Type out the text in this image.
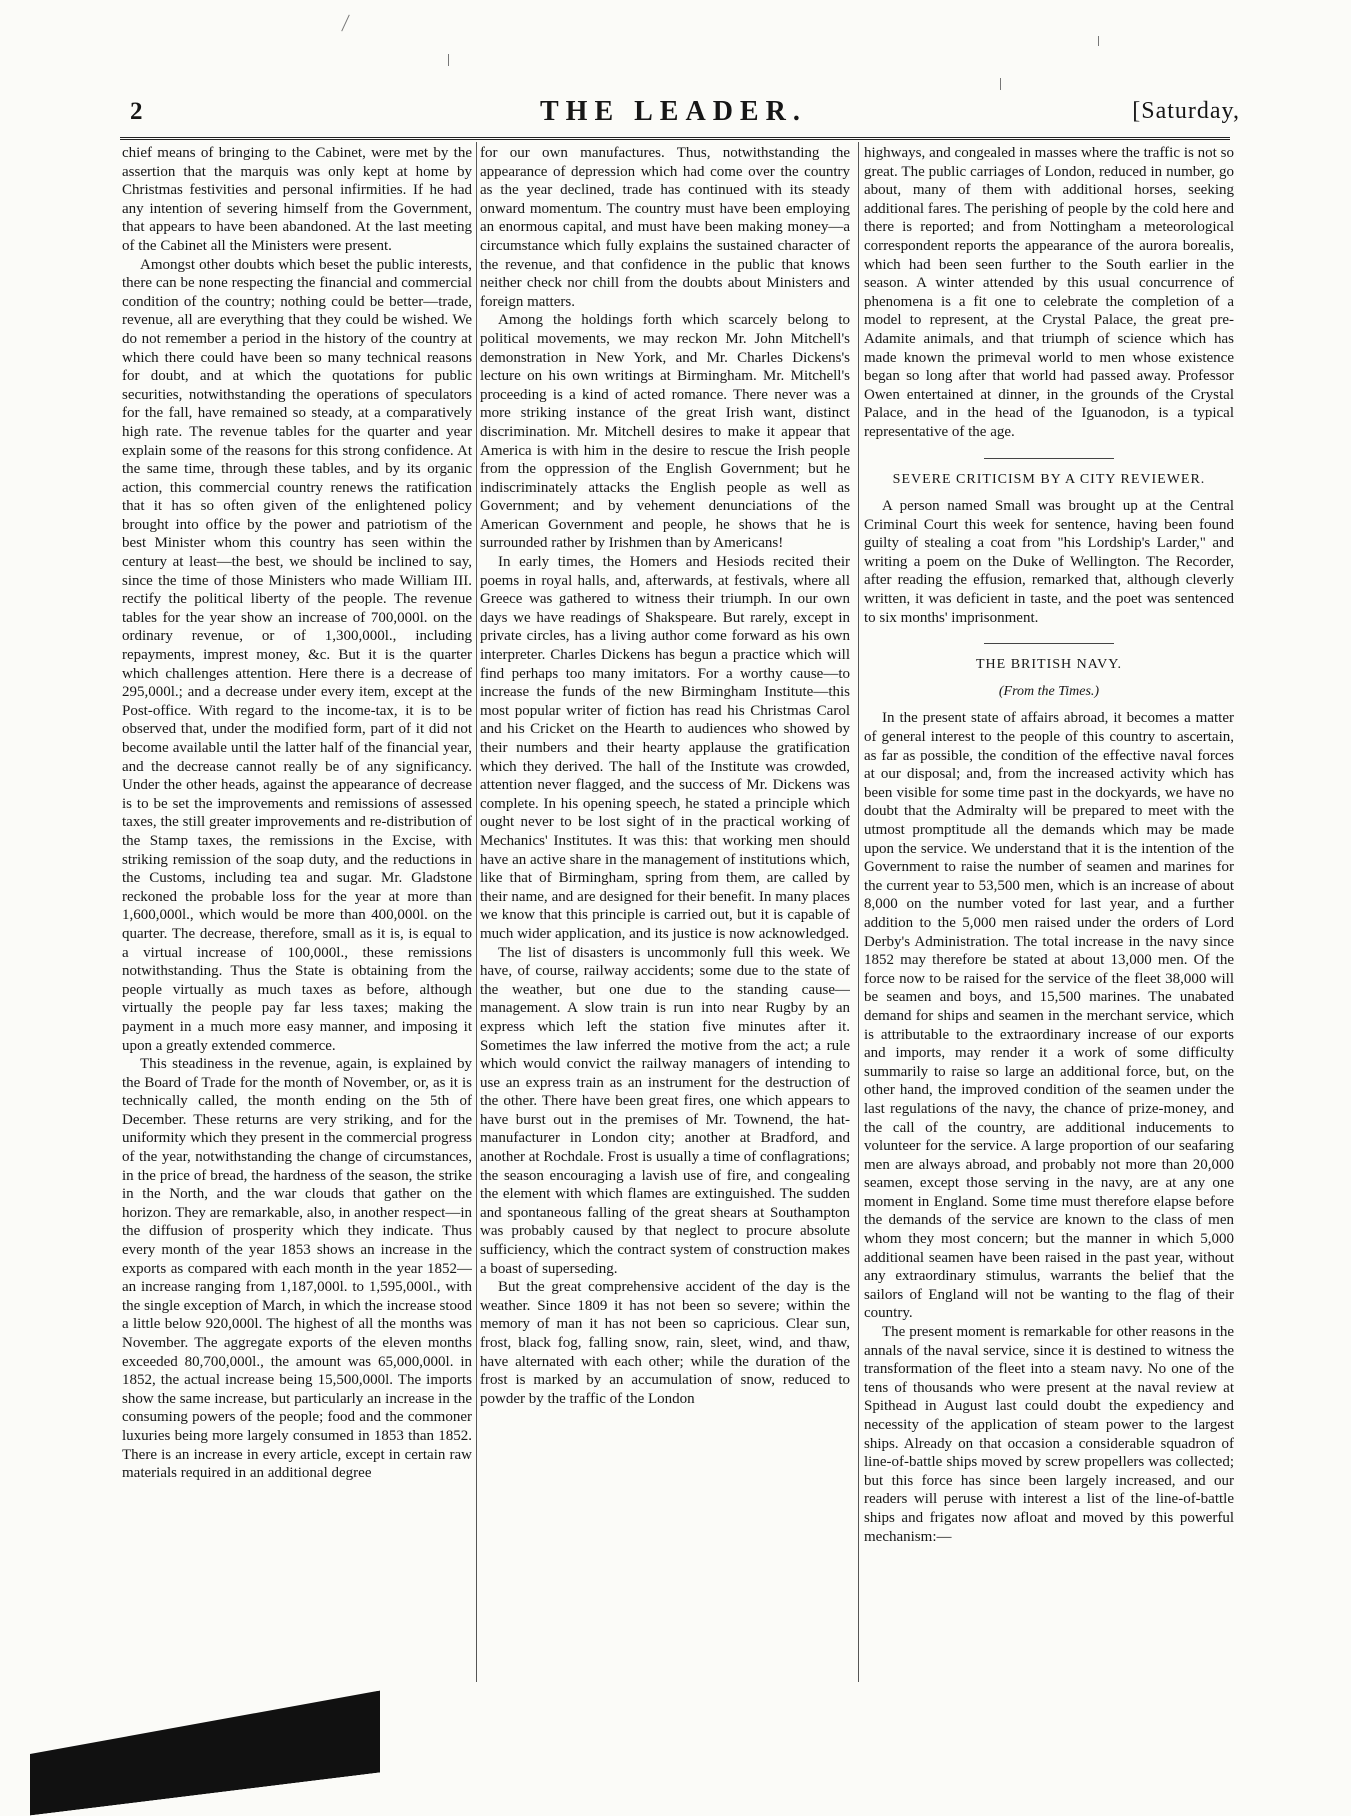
2	THE LEADER.	[Saturday,

chief means of bringing to the Cabinet, were met by the assertion that the marquis was only kept at home by Christmas festivities and personal infirmities. If he had any intention of severing himself from the Government, that appears to have been abandoned. At the last meeting of the Cabinet all the Ministers were present.

Amongst other doubts which beset the public interests, there can be none respecting the financial and commercial condition of the country; nothing could be better—trade, revenue, all are everything that they could be wished. We do not remember a period in the history of the country at which there could have been so many technical reasons for doubt, and at which the quotations for public securities, notwithstanding the operations of speculators for the fall, have remained so steady, at a comparatively high rate. The revenue tables for the quarter and year explain some of the reasons for this strong confidence. At the same time, through these tables, and by its organic action, this commercial country renews the ratification that it has so often given of the enlightened policy brought into office by the power and patriotism of the best Minister whom this country has seen within the century at least—the best, we should be inclined to say, since the time of those Ministers who made William III. rectify the political liberty of the people. The revenue tables for the year show an increase of 700,000l. on the ordinary revenue, or of 1,300,000l., including repayments, imprest money, &c. But it is the quarter which challenges attention. Here there is a decrease of 295,000l.; and a decrease under every item, except at the Post-office. With regard to the income-tax, it is to be observed that, under the modified form, part of it did not become available until the latter half of the financial year, and the decrease cannot really be of any significancy. Under the other heads, against the appearance of decrease is to be set the improvements and remissions of assessed taxes, the still greater improvements and re-distribution of the Stamp taxes, the remissions in the Excise, with striking remission of the soap duty, and the reductions in the Customs, including tea and sugar. Mr. Gladstone reckoned the probable loss for the year at more than 1,600,000l., which would be more than 400,000l. on the quarter. The decrease, therefore, small as it is, is equal to a virtual increase of 100,000l., these remissions notwithstanding. Thus the State is obtaining from the people virtually as much taxes as before, although virtually the people pay far less taxes; making the payment in a much more easy manner, and imposing it upon a greatly extended commerce.

This steadiness in the revenue, again, is explained by the Board of Trade for the month of November, or, as it is technically called, the month ending on the 5th of December. These returns are very striking, and for the uniformity which they present in the commercial progress of the year, notwithstanding the change of circumstances, in the price of bread, the hardness of the season, the strike in the North, and the war clouds that gather on the horizon. They are remarkable, also, in another respect—in the diffusion of prosperity which they indicate. Thus every month of the year 1853 shows an increase in the exports as compared with each month in the year 1852—an increase ranging from 1,187,000l. to 1,595,000l., with the single exception of March, in which the increase stood a little below 920,000l. The highest of all the months was November. The aggregate exports of the eleven months exceeded 80,700,000l., the amount was 65,000,000l. in 1852, the actual increase being 15,500,000l. The imports show the same increase, but particularly an increase in the consuming powers of the people; food and the commoner luxuries being more largely consumed in 1853 than 1852. There is an increase in every article, except in certain raw materials required in an additional degree

for our own manufactures. Thus, notwithstanding the appearance of depression which had come over the country as the year declined, trade has continued with its steady onward momentum. The country must have been employing an enormous capital, and must have been making money—a circumstance which fully explains the sustained character of the revenue, and that confidence in the public that knows neither check nor chill from the doubts about Ministers and foreign matters.

Among the holdings forth which scarcely belong to political movements, we may reckon Mr. John Mitchell's demonstration in New York, and Mr. Charles Dickens's lecture on his own writings at Birmingham. Mr. Mitchell's proceeding is a kind of acted romance. There never was a more striking instance of the great Irish want, distinct discrimination. Mr. Mitchell desires to make it appear that America is with him in the desire to rescue the Irish people from the oppression of the English Government; but he indiscriminately attacks the English people as well as Government; and by vehement denunciations of the American Government and people, he shows that he is surrounded rather by Irishmen than by Americans!

In early times, the Homers and Hesiods recited their poems in royal halls, and, afterwards, at festivals, where all Greece was gathered to witness their triumph. In our own days we have readings of Shakspeare. But rarely, except in private circles, has a living author come forward as his own interpreter. Charles Dickens has begun a practice which will find perhaps too many imitators. For a worthy cause—to increase the funds of the new Birmingham Institute—this most popular writer of fiction has read his Christmas Carol and his Cricket on the Hearth to audiences who showed by their numbers and their hearty applause the gratification which they derived. The hall of the Institute was crowded, attention never flagged, and the success of Mr. Dickens was complete. In his opening speech, he stated a principle which ought never to be lost sight of in the practical working of Mechanics' Institutes. It was this: that working men should have an active share in the management of institutions which, like that of Birmingham, spring from them, are called by their name, and are designed for their benefit. In many places we know that this principle is carried out, but it is capable of much wider application, and its justice is now acknowledged.

The list of disasters is uncommonly full this week. We have, of course, railway accidents; some due to the state of the weather, but one due to the standing cause—management. A slow train is run into near Rugby by an express which left the station five minutes after it. Sometimes the law inferred the motive from the act; a rule which would convict the railway managers of intending to use an express train as an instrument for the destruction of the other. There have been great fires, one which appears to have burst out in the premises of Mr. Townend, the hat-manufacturer in London city; another at Bradford, and another at Rochdale. Frost is usually a time of conflagrations; the season encouraging a lavish use of fire, and congealing the element with which flames are extinguished. The sudden and spontaneous falling of the great shears at Southampton was probably caused by that neglect to procure absolute sufficiency, which the contract system of construction makes a boast of superseding.

But the great comprehensive accident of the day is the weather. Since 1809 it has not been so severe; within the memory of man it has not been so capricious. Clear sun, frost, black fog, falling snow, rain, sleet, wind, and thaw, have alternated with each other; while the duration of the frost is marked by an accumulation of snow, reduced to powder by the traffic of the London

highways, and congealed in masses where the traffic is not so great. The public carriages of London, reduced in number, go about, many of them with additional horses, seeking additional fares. The perishing of people by the cold here and there is reported; and from Nottingham a meteorological correspondent reports the appearance of the aurora borealis, which had been seen further to the South earlier in the season. A winter attended by this usual concurrence of phenomena is a fit one to celebrate the completion of a model to represent, at the Crystal Palace, the great pre-Adamite animals, and that triumph of science which has made known the primeval world to men whose existence began so long after that world had passed away. Professor Owen entertained at dinner, in the grounds of the Crystal Palace, and in the head of the Iguanodon, is a typical representative of the age.

SEVERE CRITICISM BY A CITY REVIEWER.

A person named Small was brought up at the Central Criminal Court this week for sentence, having been found guilty of stealing a coat from "his Lordship's Larder," and writing a poem on the Duke of Wellington. The Recorder, after reading the effusion, remarked that, although cleverly written, it was deficient in taste, and the poet was sentenced to six months' imprisonment.

THE BRITISH NAVY.
(From the Times.)

In the present state of affairs abroad, it becomes a matter of general interest to the people of this country to ascertain, as far as possible, the condition of the effective naval forces at our disposal; and, from the increased activity which has been visible for some time past in the dockyards, we have no doubt that the Admiralty will be prepared to meet with the utmost promptitude all the demands which may be made upon the service. We understand that it is the intention of the Government to raise the number of seamen and marines for the current year to 53,500 men, which is an increase of about 8,000 on the number voted for last year, and a further addition to the 5,000 men raised under the orders of Lord Derby's Administration. The total increase in the navy since 1852 may therefore be stated at about 13,000 men. Of the force now to be raised for the service of the fleet 38,000 will be seamen and boys, and 15,500 marines. The unabated demand for ships and seamen in the merchant service, which is attributable to the extraordinary increase of our exports and imports, may render it a work of some difficulty summarily to raise so large an additional force, but, on the other hand, the improved condition of the seamen under the last regulations of the navy, the chance of prize-money, and the call of the country, are additional inducements to volunteer for the service. A large proportion of our seafaring men are always abroad, and probably not more than 20,000 seamen, except those serving in the navy, are at any one moment in England. Some time must therefore elapse before the demands of the service are known to the class of men whom they most concern; but the manner in which 5,000 additional seamen have been raised in the past year, without any extraordinary stimulus, warrants the belief that the sailors of England will not be wanting to the flag of their country.

The present moment is remarkable for other reasons in the annals of the naval service, since it is destined to witness the transformation of the fleet into a steam navy. No one of the tens of thousands who were present at the naval review at Spithead in August last could doubt the expediency and necessity of the application of steam power to the largest ships. Already on that occasion a considerable squadron of line-of-battle ships moved by screw propellers was collected; but this force has since been largely increased, and our readers will peruse with interest a list of the line-of-battle ships and frigates now afloat and moved by this powerful mechanism:—
